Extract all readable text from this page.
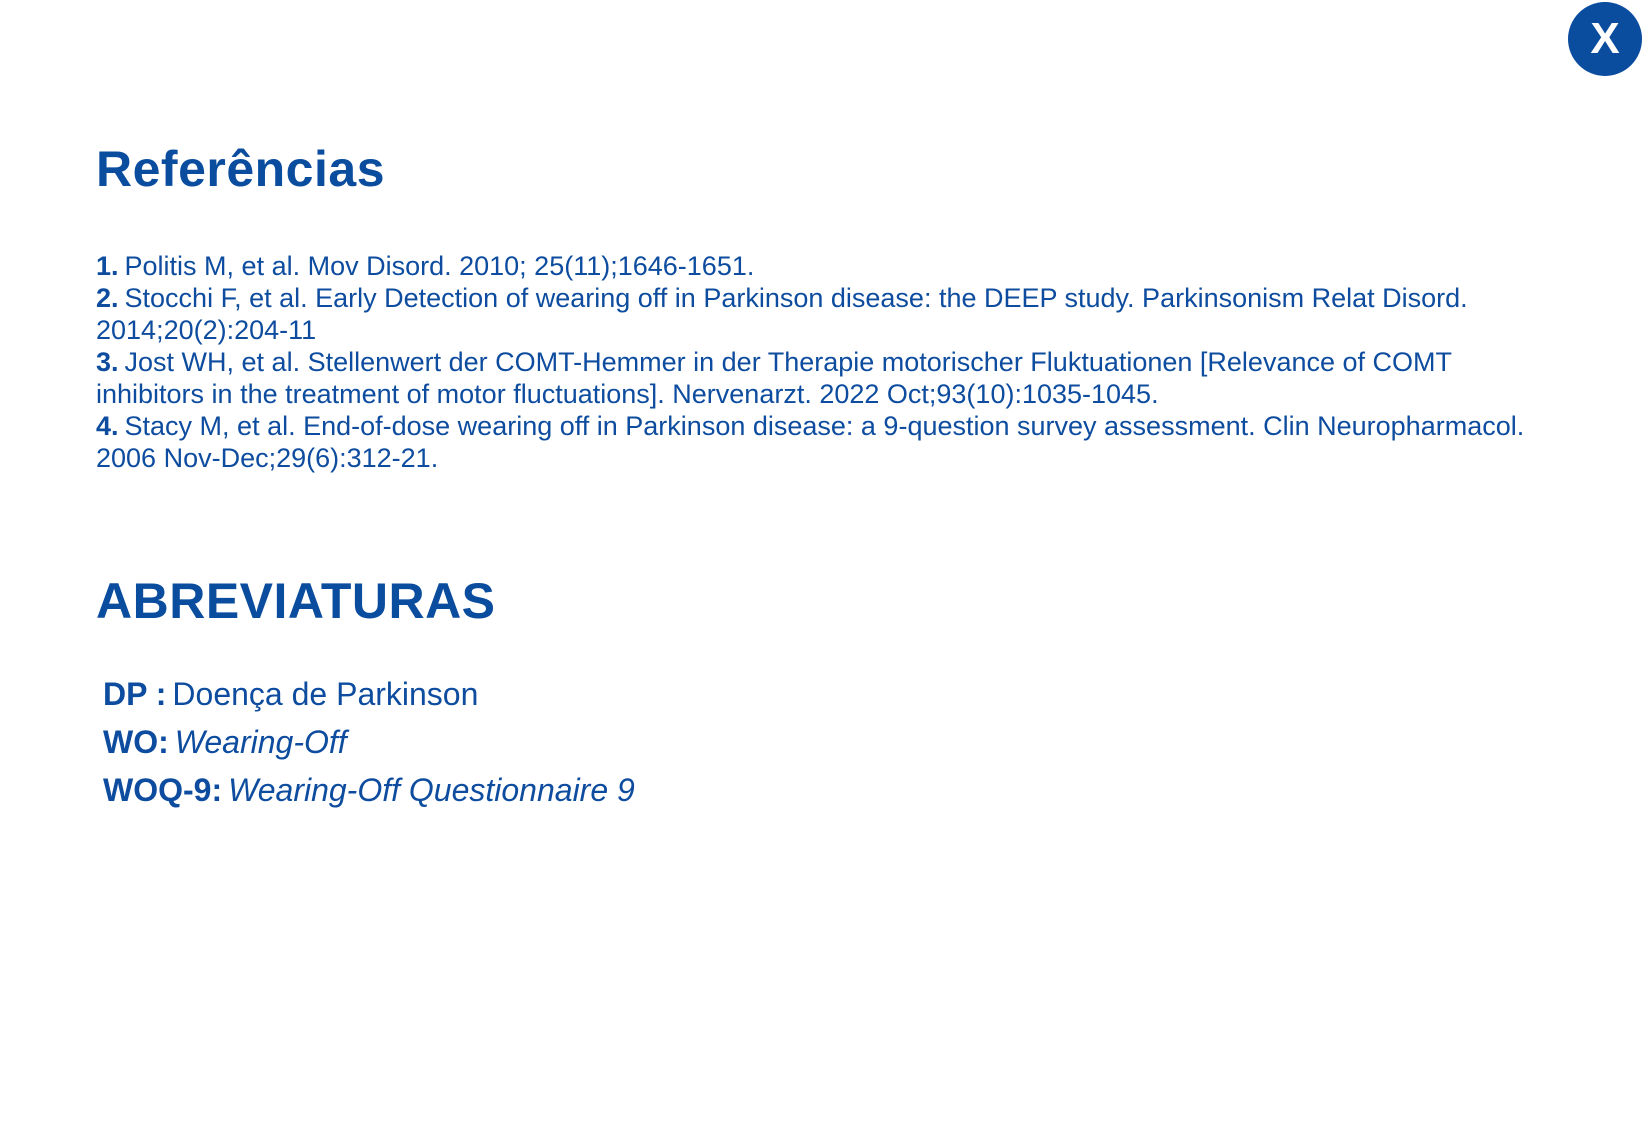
X
Referências
1. Politis M, et al. Mov Disord. 2010; 25(11);1646-1651.
2. Stocchi F, et al. Early Detection of wearing off in Parkinson disease: the DEEP study. Parkinsonism Relat Disord. 2014;20(2):204-11
3. Jost WH, et al. Stellenwert der COMT-Hemmer in der Therapie motorischer Fluktuationen [Relevance of COMT inhibitors in the treatment of motor fluctuations]. Nervenarzt. 2022 Oct;93(10):1035-1045.
4. Stacy M, et al. End-of-dose wearing off in Parkinson disease: a 9-question survey assessment. Clin Neuropharmacol. 2006 Nov-Dec;29(6):312-21.
ABREVIATURAS
DP : Doença de Parkinson
WO: Wearing-Off
WOQ-9: Wearing-Off Questionnaire 9
